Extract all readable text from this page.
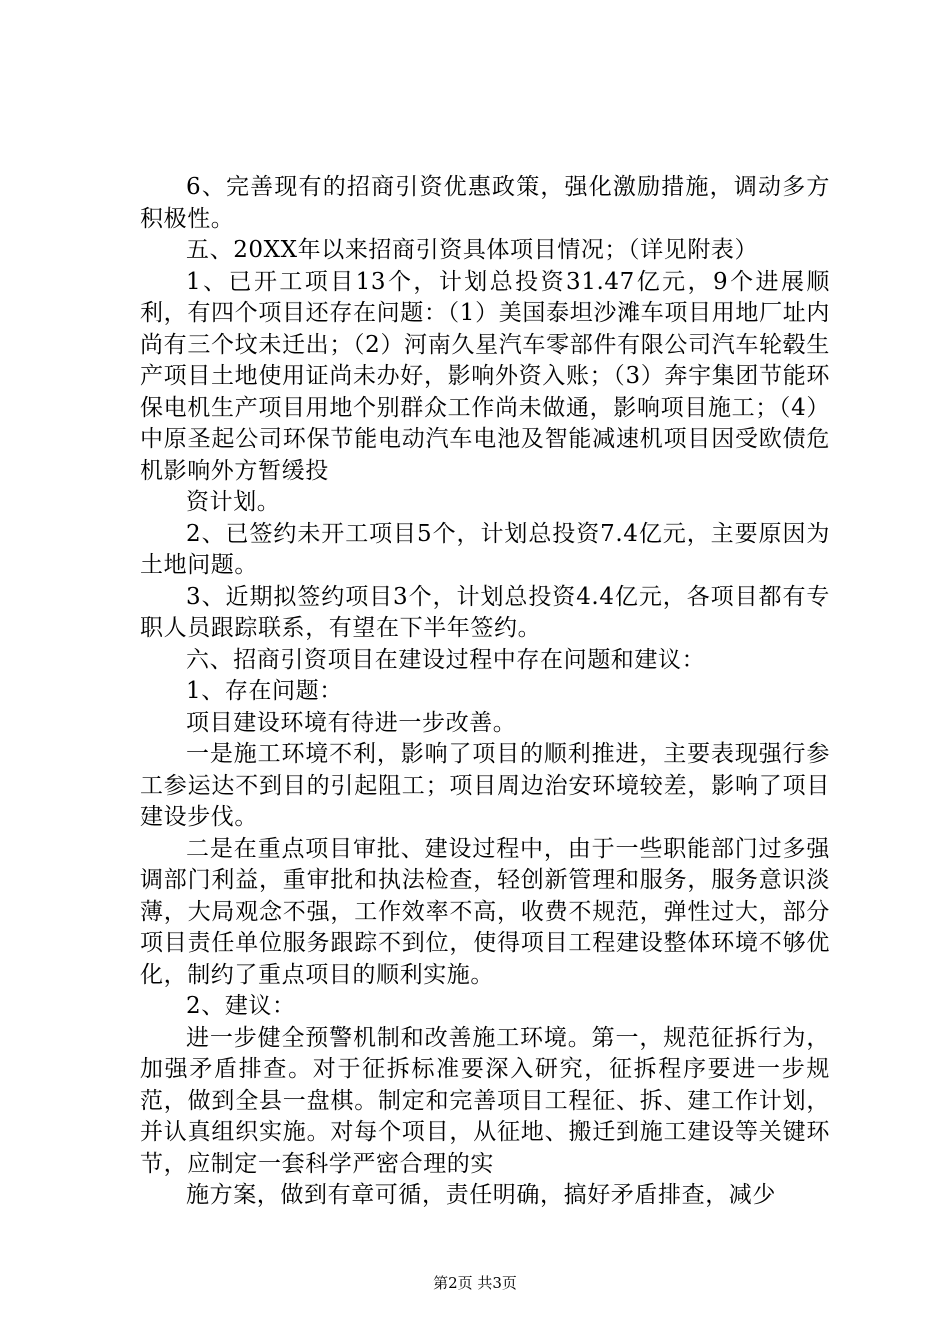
6、完善现有的招商引资优惠政策，强化激励措施，调动多方积极性。

五、20XX年以来招商引资具体项目情况；（详见附表）

1、已开工项目13个，计划总投资31.47亿元，9个进展顺利，有四个项目还存在问题：（1）美国泰坦沙滩车项目用地厂址内尚有三个坟未迁出；（2）河南久星汽车零部件有限公司汽车轮毂生产项目土地使用证尚未办好，影响外资入账；（3）奔宇集团节能环保电机生产项目用地个别群众工作尚未做通，影响项目施工；（4）中原圣起公司环保节能电动汽车电池及智能减速机项目因受欧债危机影响外方暂缓投

资计划。

2、已签约未开工项目5个，计划总投资7.4亿元，主要原因为土地问题。

3、近期拟签约项目3个，计划总投资4.4亿元，各项目都有专职人员跟踪联系，有望在下半年签约。

六、招商引资项目在建设过程中存在问题和建议：

1、存在问题：

项目建设环境有待进一步改善。

一是施工环境不利，影响了项目的顺利推进，主要表现强行参工参运达不到目的引起阻工；项目周边治安环境较差，影响了项目建设步伐。

二是在重点项目审批、建设过程中，由于一些职能部门过多强调部门利益，重审批和执法检查，轻创新管理和服务，服务意识淡薄，大局观念不强，工作效率不高，收费不规范，弹性过大，部分项目责任单位服务跟踪不到位，使得项目工程建设整体环境不够优化，制约了重点项目的顺利实施。

2、建议：

进一步健全预警机制和改善施工环境。第一，规范征拆行为，加强矛盾排查。对于征拆标准要深入研究，征拆程序要进一步规范，做到全县一盘棋。制定和完善项目工程征、拆、建工作计划，并认真组织实施。对每个项目，从征地、搬迁到施工建设等关键环节，应制定一套科学严密合理的实

施方案，做到有章可循，责任明确，搞好矛盾排查，减少

第2页 共3页
